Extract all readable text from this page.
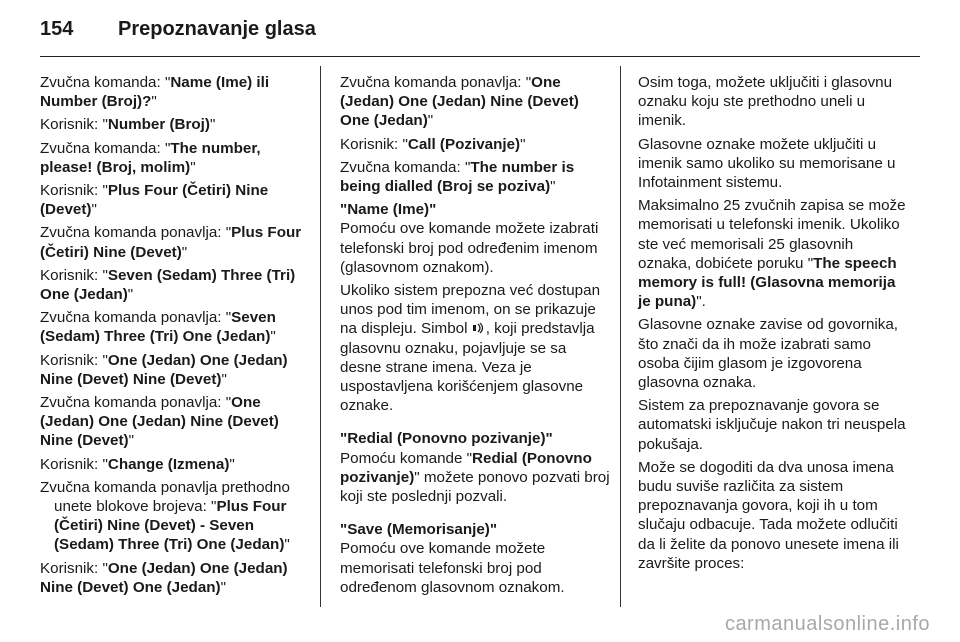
154	Prepoznavanje glasa

Zvučna komanda: "Name (Ime) ili Number (Broj)?"

Korisnik: "Number (Broj)"

Zvučna komanda: "The number, please! (Broj, molim)"

Korisnik: "Plus Four (Četiri) Nine (Devet)"

Zvučna komanda ponavlja: "Plus Four (Četiri) Nine (Devet)"

Korisnik: "Seven (Sedam) Three (Tri) One (Jedan)"

Zvučna komanda ponavlja: "Seven (Sedam) Three (Tri) One (Jedan)"

Korisnik: "One (Jedan) One (Jedan) Nine (Devet) Nine (Devet)"

Zvučna komanda ponavlja: "One (Jedan) One (Jedan) Nine (Devet) Nine (Devet)"

Korisnik: "Change (Izmena)"

Zvučna komanda ponavlja prethodno unete blokove brojeva: "Plus Four (Četiri) Nine (Devet) - Seven (Sedam) Three (Tri) One (Jedan)"

Korisnik: "One (Jedan) One (Jedan) Nine (Devet) One (Jedan)"

Zvučna komanda ponavlja: "One (Jedan) One (Jedan) Nine (Devet) One (Jedan)"

Korisnik: "Call (Pozivanje)"

Zvučna komanda: "The number is being dialled (Broj se poziva)"

"Name (Ime)"

Pomoću ove komande možete izabrati telefonski broj pod određenim imenom (glasovnom oznakom).

Ukoliko sistem prepozna već dostupan unos pod tim imenom, on se prikazuje na displeju. Simbol , koji predstavlja glasovnu oznaku, pojavljuje se sa desne strane imena. Veza je uspostavljena korišćenjem glasovne oznake.

"Redial (Ponovno pozivanje)"

Pomoću komande "Redial (Ponovno pozivanje)" možete ponovo pozvati broj koji ste poslednji pozvali.

"Save (Memorisanje)"

Pomoću ove komande možete memorisati telefonski broj pod određenom glasovnom oznakom.

Osim toga, možete uključiti i glasovnu oznaku koju ste prethodno uneli u imenik.

Glasovne oznake možete uključiti u imenik samo ukoliko su memorisane u Infotainment sistemu.

Maksimalno 25 zvučnih zapisa se može memorisati u telefonski imenik. Ukoliko ste već memorisali 25 glasovnih oznaka, dobićete poruku "The speech memory is full! (Glasovna memorija je puna)".

Glasovne oznake zavise od govornika, što znači da ih može izabrati samo osoba čijim glasom je izgovorena glasovna oznaka.

Sistem za prepoznavanje govora se automatski isključuje nakon tri neuspela pokušaja.

Može se dogoditi da dva unosa imena budu suviše različita za sistem prepoznavanja govora, koji ih u tom slučaju odbacuje. Tada možete odlučiti da li želite da ponovo unesete imena ili završite proces:

carmanualsonline.info
